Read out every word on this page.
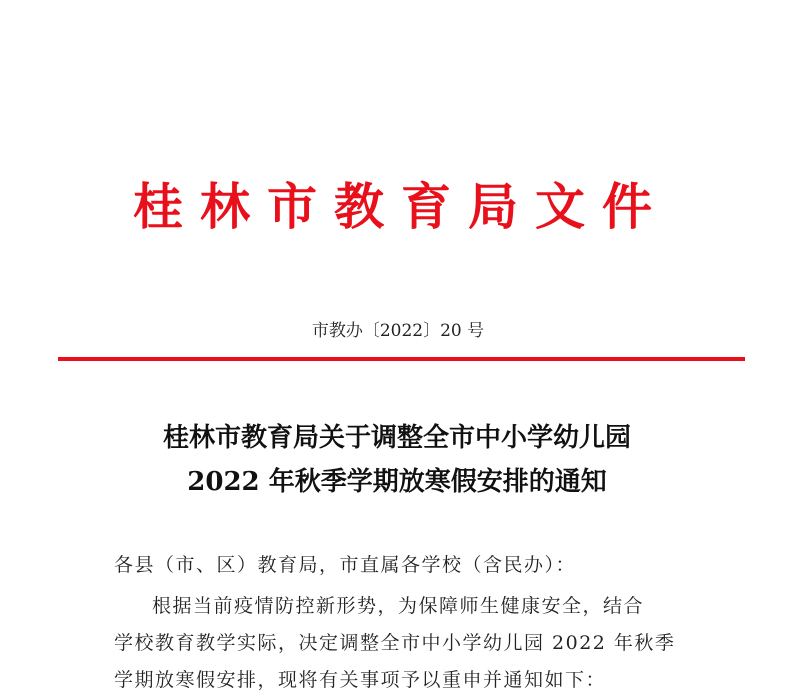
桂林市教育局文件
市教办〔2022〕20 号
桂林市教育局关于调整全市中小学幼儿园
2022 年秋季学期放寒假安排的通知
各县（市、区）教育局，市直属各学校（含民办）：
根据当前疫情防控新形势，为保障师生健康安全，结合
学校教育教学实际，决定调整全市中小学幼儿园 2022 年秋季
学期放寒假安排，现将有关事项予以重申并通知如下：
